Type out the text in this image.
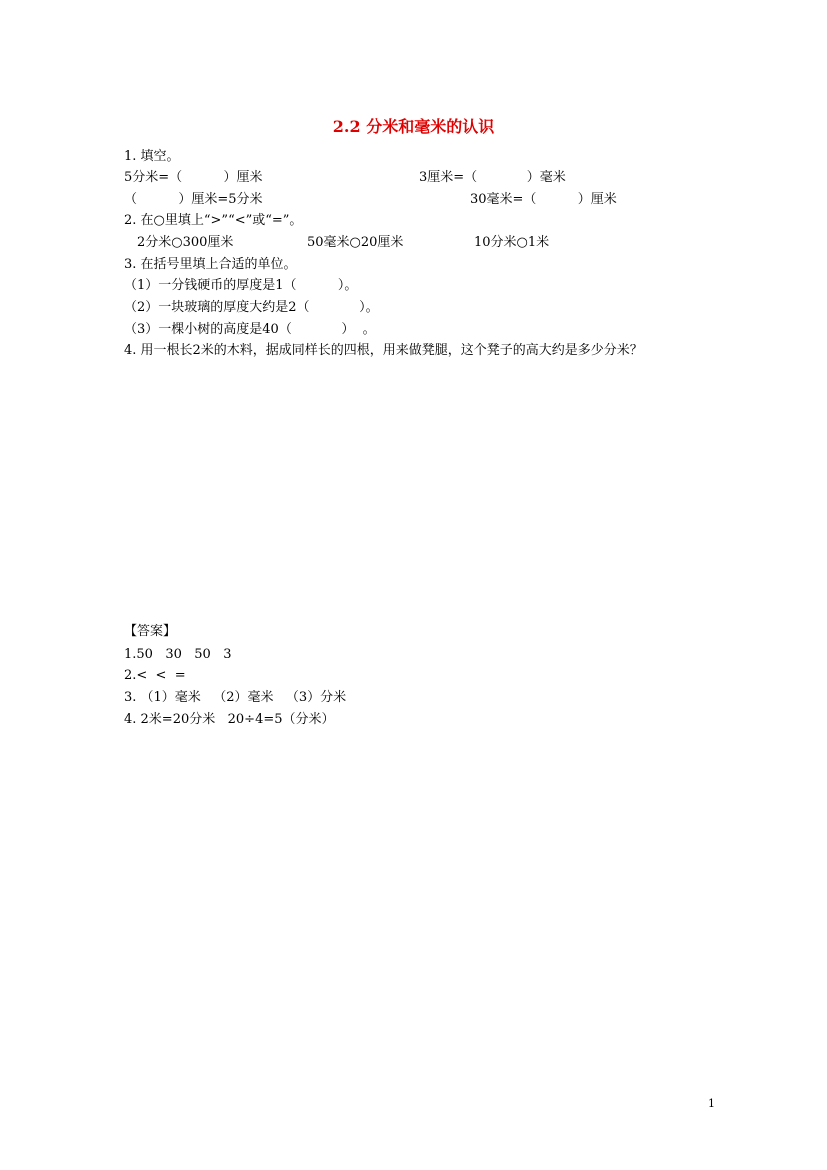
2.2 分米和毫米的认识
1. 填空。
5分米=（          ）厘米	3厘米=（            ）毫米
（          ）厘米=5分米	30毫米=（          ）厘米
2. 在○里填上“>”“<”或“=”。
2分米○300厘米	50毫米○20厘米	10分米○1米
3. 在括号里填上合适的单位。
（1）一分钱硬币的厚度是1（          ）。
（2）一块玻璃的厚度大约是2（            ）。
（3）一棵小树的高度是40（            ）  。
4. 用一根长2米的木料，据成同样长的四根，用来做凳腿，这个凳子的高大约是多少分米？
【答案】
1.50   30   50   3
2.<  <  =
3. （1）毫米   （2）毫米   （3）分米
4. 2米=20分米   20÷4=5（分米）
1
